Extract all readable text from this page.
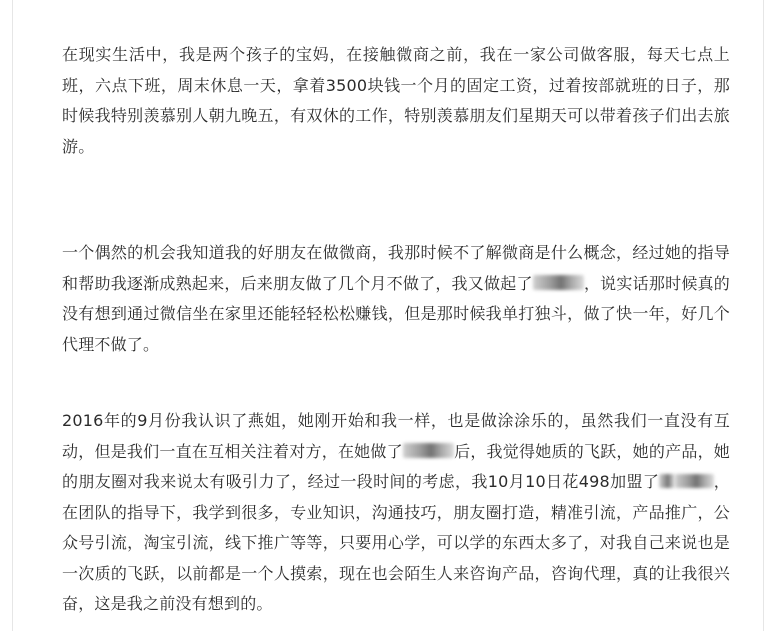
在现实生活中，我是两个孩子的宝妈，在接触微商之前，我在一家公司做客服，每天七点上班，六点下班，周末休息一天，拿着3500块钱一个月的固定工资，过着按部就班的日子，那时候我特别羡慕别人朝九晚五，有双休的工作，特别羡慕朋友们星期天可以带着孩子们出去旅游。

一个偶然的机会我知道我的好朋友在做微商，我那时候不了解微商是什么概念，经过她的指导和帮助我逐渐成熟起来，后来朋友做了几个月不做了，我又做起了	，说实话那时候真的没有想到通过微信坐在家里还能轻轻松松赚钱，但是那时候我单打独斗，做了快一年，好几个代理不做了。

2016年的9月份我认识了燕姐，她刚开始和我一样，也是做涂涂乐的，虽然我们一直没有互动，但是我们一直在互相关注着对方，在她做了	后，我觉得她质的飞跃，她的产品，她的朋友圈对我来说太有吸引力了，经过一段时间的考虑，我10月10日花498加盟了	，在团队的指导下，我学到很多，专业知识，沟通技巧，朋友圈打造，精准引流，产品推广，公众号引流，淘宝引流，线下推广等等，只要用心学，可以学的东西太多了，对我自己来说也是一次质的飞跃，以前都是一个人摸索，现在也会陌生人来咨询产品，咨询代理，真的让我很兴奋，这是我之前没有想到的。
